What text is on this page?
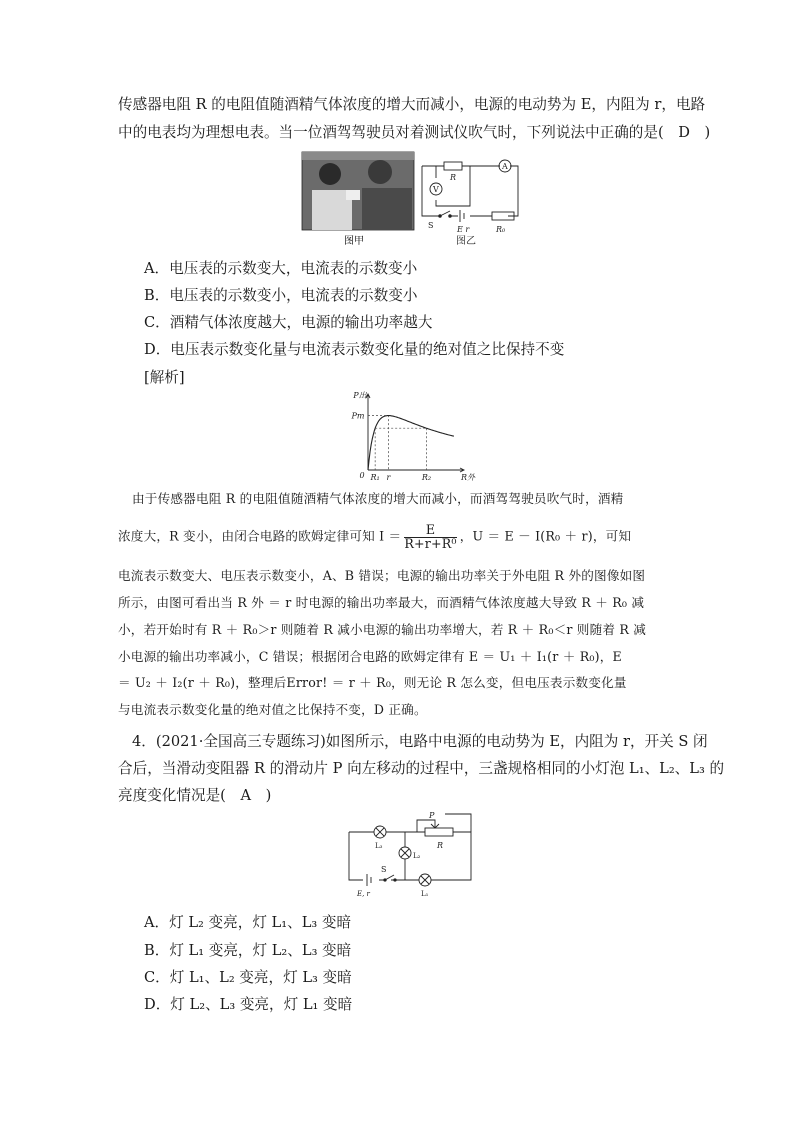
传感器电阻 R 的电阻值随酒精气体浓度的增大而减小，电源的电动势为 E，内阻为 r，电路
中的电表均为理想电表。当一位酒驾驾驶员对着测试仪吹气时，下列说法中正确的是(　D　)
图甲
R
A
V
S	E r	R₀
图乙
A．电压表的示数变大，电流表的示数变小
B．电压表的示数变小，电流表的示数变小
C．酒精气体浓度越大，电源的输出功率越大
D．电压表示数变化量与电流表示数变化量的绝对值之比保持不变
[解析]
0 R₁ r	R₂	R外
P出
Pm
由于传感器电阻 R 的电阻值随酒精气体浓度的增大而减小，而酒驾驾驶员吹气时，酒精
浓度大，R 变小，由闭合电路的欧姆定律可知 $I = \frac{E}{\text{R+r+R⁰}}$ ，U ＝ E － I(R₀ ＋ r)，可知
电流表示数变大、电压表示数变小，A、B 错误；电源的输出功率关于外电阻 R 外的图像如图
所示，由图可看出当 R 外 ＝ r 时电源的输出功率最大，而酒精气体浓度越大导致 R ＋ R₀ 减
小，若开始时有 R ＋ R₀＞r 则随着 R 减小电源的输出功率增大，若 R ＋ R₀＜r 则随着 R 减
小电源的输出功率减小，C 错误；根据闭合电路的欧姆定律有 E ＝ U₁ ＋ I₁(r ＋ R₀)，E
＝ U₂ ＋ I₂(r ＋ R₀)，整理后Error! ＝ r ＋ R₀，则无论 R 怎么变，但电压表示数变化量
与电流表示数变化量的绝对值之比保持不变，D 正确。
4．(2021·全国高三专题练习)如图所示，电路中电源的电动势为 E，内阻为 r，开关 S 闭
合后，当滑动变阻器 R 的滑动片 P 向左移动的过程中，三盏规格相同的小灯泡 L₁、L₂、L₃ 的
亮度变化情况是(　A　)
L₃	R
P
L₂
L₁
S
E, r
A．灯 L₂ 变亮，灯 L₁、L₃ 变暗
B．灯 L₁ 变亮，灯 L₂、L₃ 变暗
C．灯 L₁、L₂ 变亮，灯 L₃ 变暗
D．灯 L₂、L₃ 变亮，灯 L₁ 变暗
